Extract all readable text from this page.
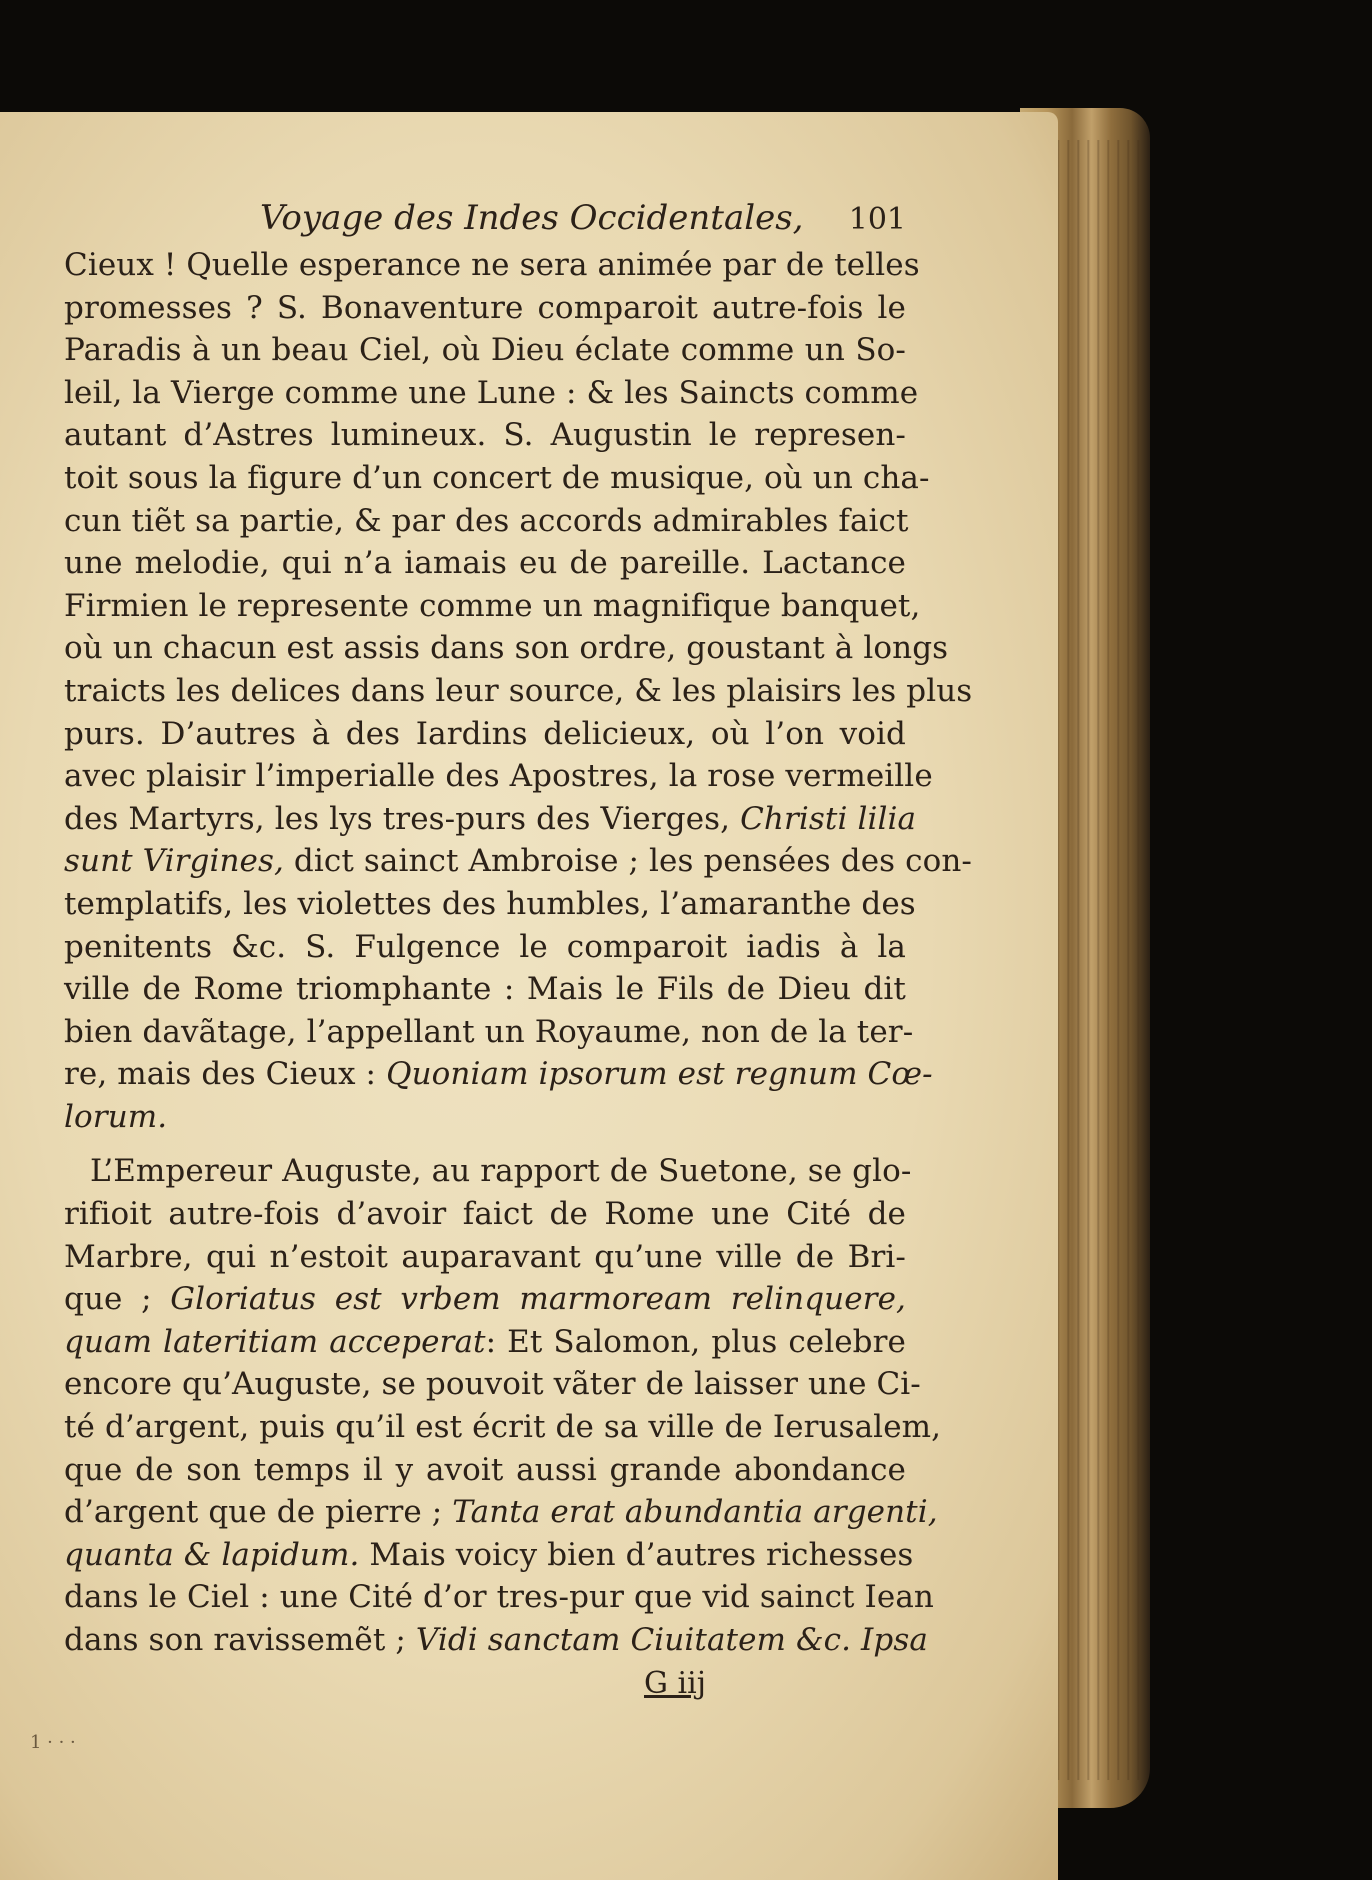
Voyage des Indes Occidentales, 101
Cieux ! Quelle esperance ne sera animée par de telles
promesses ? S. Bonaventure comparoit autre-fois le
Paradis à un beau Ciel, où Dieu éclate comme un So-
leil, la Vierge comme une Lune : & les Saincts comme
autant d’Astres lumineux. S. Augustin le represen-
toit sous la figure d’un concert de musique, où un cha-
cun tiẽt sa partie, & par des accords admirables faict
une melodie, qui n’a iamais eu de pareille. Lactance
Firmien le represente comme un magnifique banquet,
où un chacun est assis dans son ordre, goustant à longs
traicts les delices dans leur source, & les plaisirs les plus
purs. D’autres à des Iardins delicieux, où l’on void
avec plaisir l’imperialle des Apostres, la rose vermeille
des Martyrs, les lys tres-purs des Vierges, Christi lilia
sunt Virgines, dict sainct Ambroise ; les pensées des con-
templatifs, les violettes des humbles, l’amaranthe des
penitents &c. S. Fulgence le comparoit iadis à la
ville de Rome triomphante : Mais le Fils de Dieu dit
bien davãtage, l’appellant un Royaume, non de la ter-
re, mais des Cieux : Quoniam ipsorum est regnum Cœ-
lorum.
L’Empereur Auguste, au rapport de Suetone, se glo-
rifioit autre-fois d’avoir faict de Rome une Cité de
Marbre, qui n’estoit auparavant qu’une ville de Bri-
que ; Gloriatus est vrbem marmoream relinquere,
quam lateritiam acceperat: Et Salomon, plus celebre
encore qu’Auguste, se pouvoit vãter de laisser une Ci-
té d’argent, puis qu’il est écrit de sa ville de Ierusalem,
que de son temps il y avoit aussi grande abondance
d’argent que de pierre ; Tanta erat abundantia argenti,
quanta & lapidum. Mais voicy bien d’autres richesses
dans le Ciel : une Cité d’or tres-pur que vid sainct Iean
dans son ravissemẽt ; Vidi sanctam Ciuitatem &c. Ipsa
G iij
1 · · ·
